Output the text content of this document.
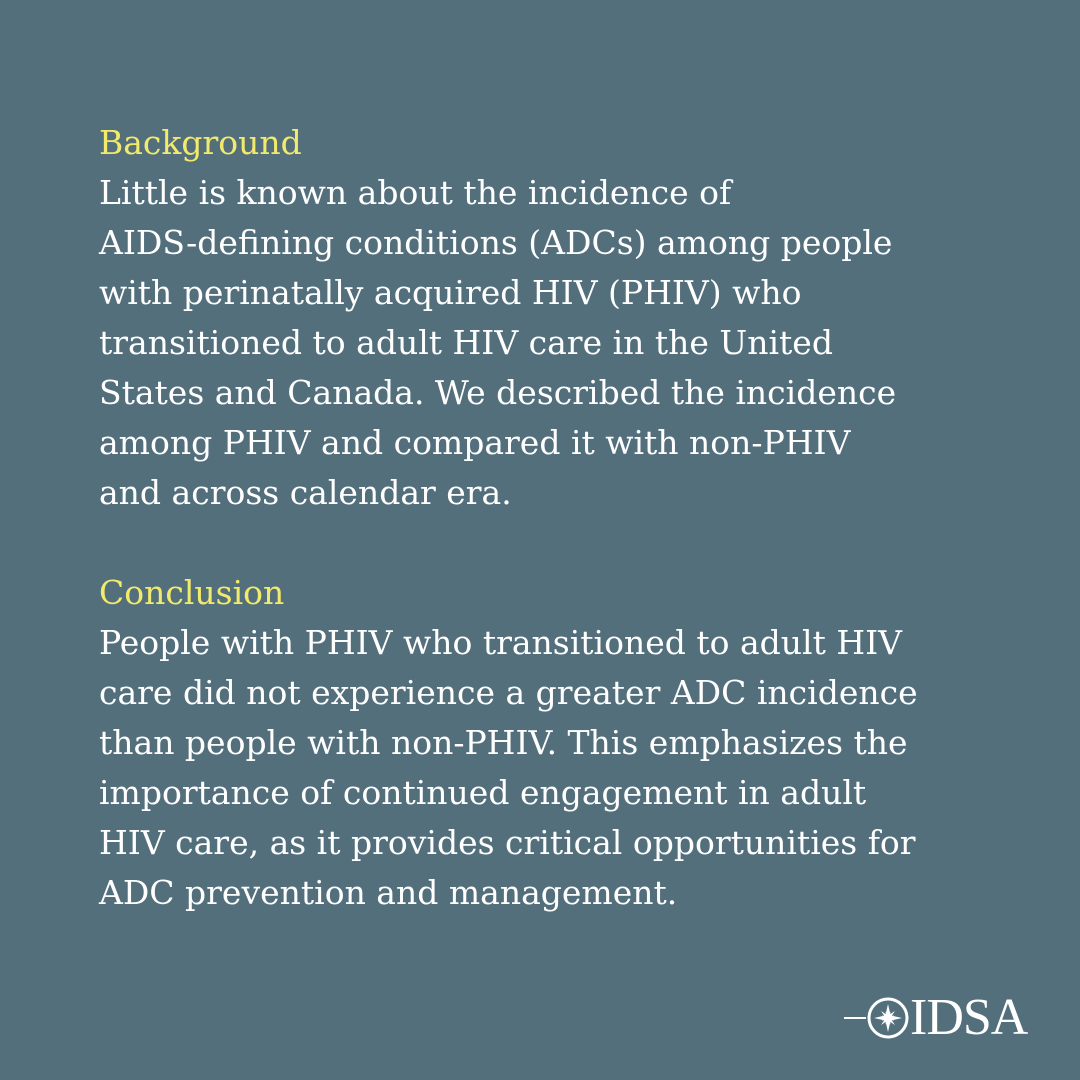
Background
Little is known about the incidence of
AIDS-defining conditions (ADCs) among people
with perinatally acquired HIV (PHIV) who
transitioned to adult HIV care in the United
States and Canada. We described the incidence
among PHIV and compared it with non-PHIV
and across calendar era.
Conclusion
People with PHIV who transitioned to adult HIV
care did not experience a greater ADC incidence
than people with non-PHIV. This emphasizes the
importance of continued engagement in adult
HIV care, as it provides critical opportunities for
ADC prevention and management.
IDSA
